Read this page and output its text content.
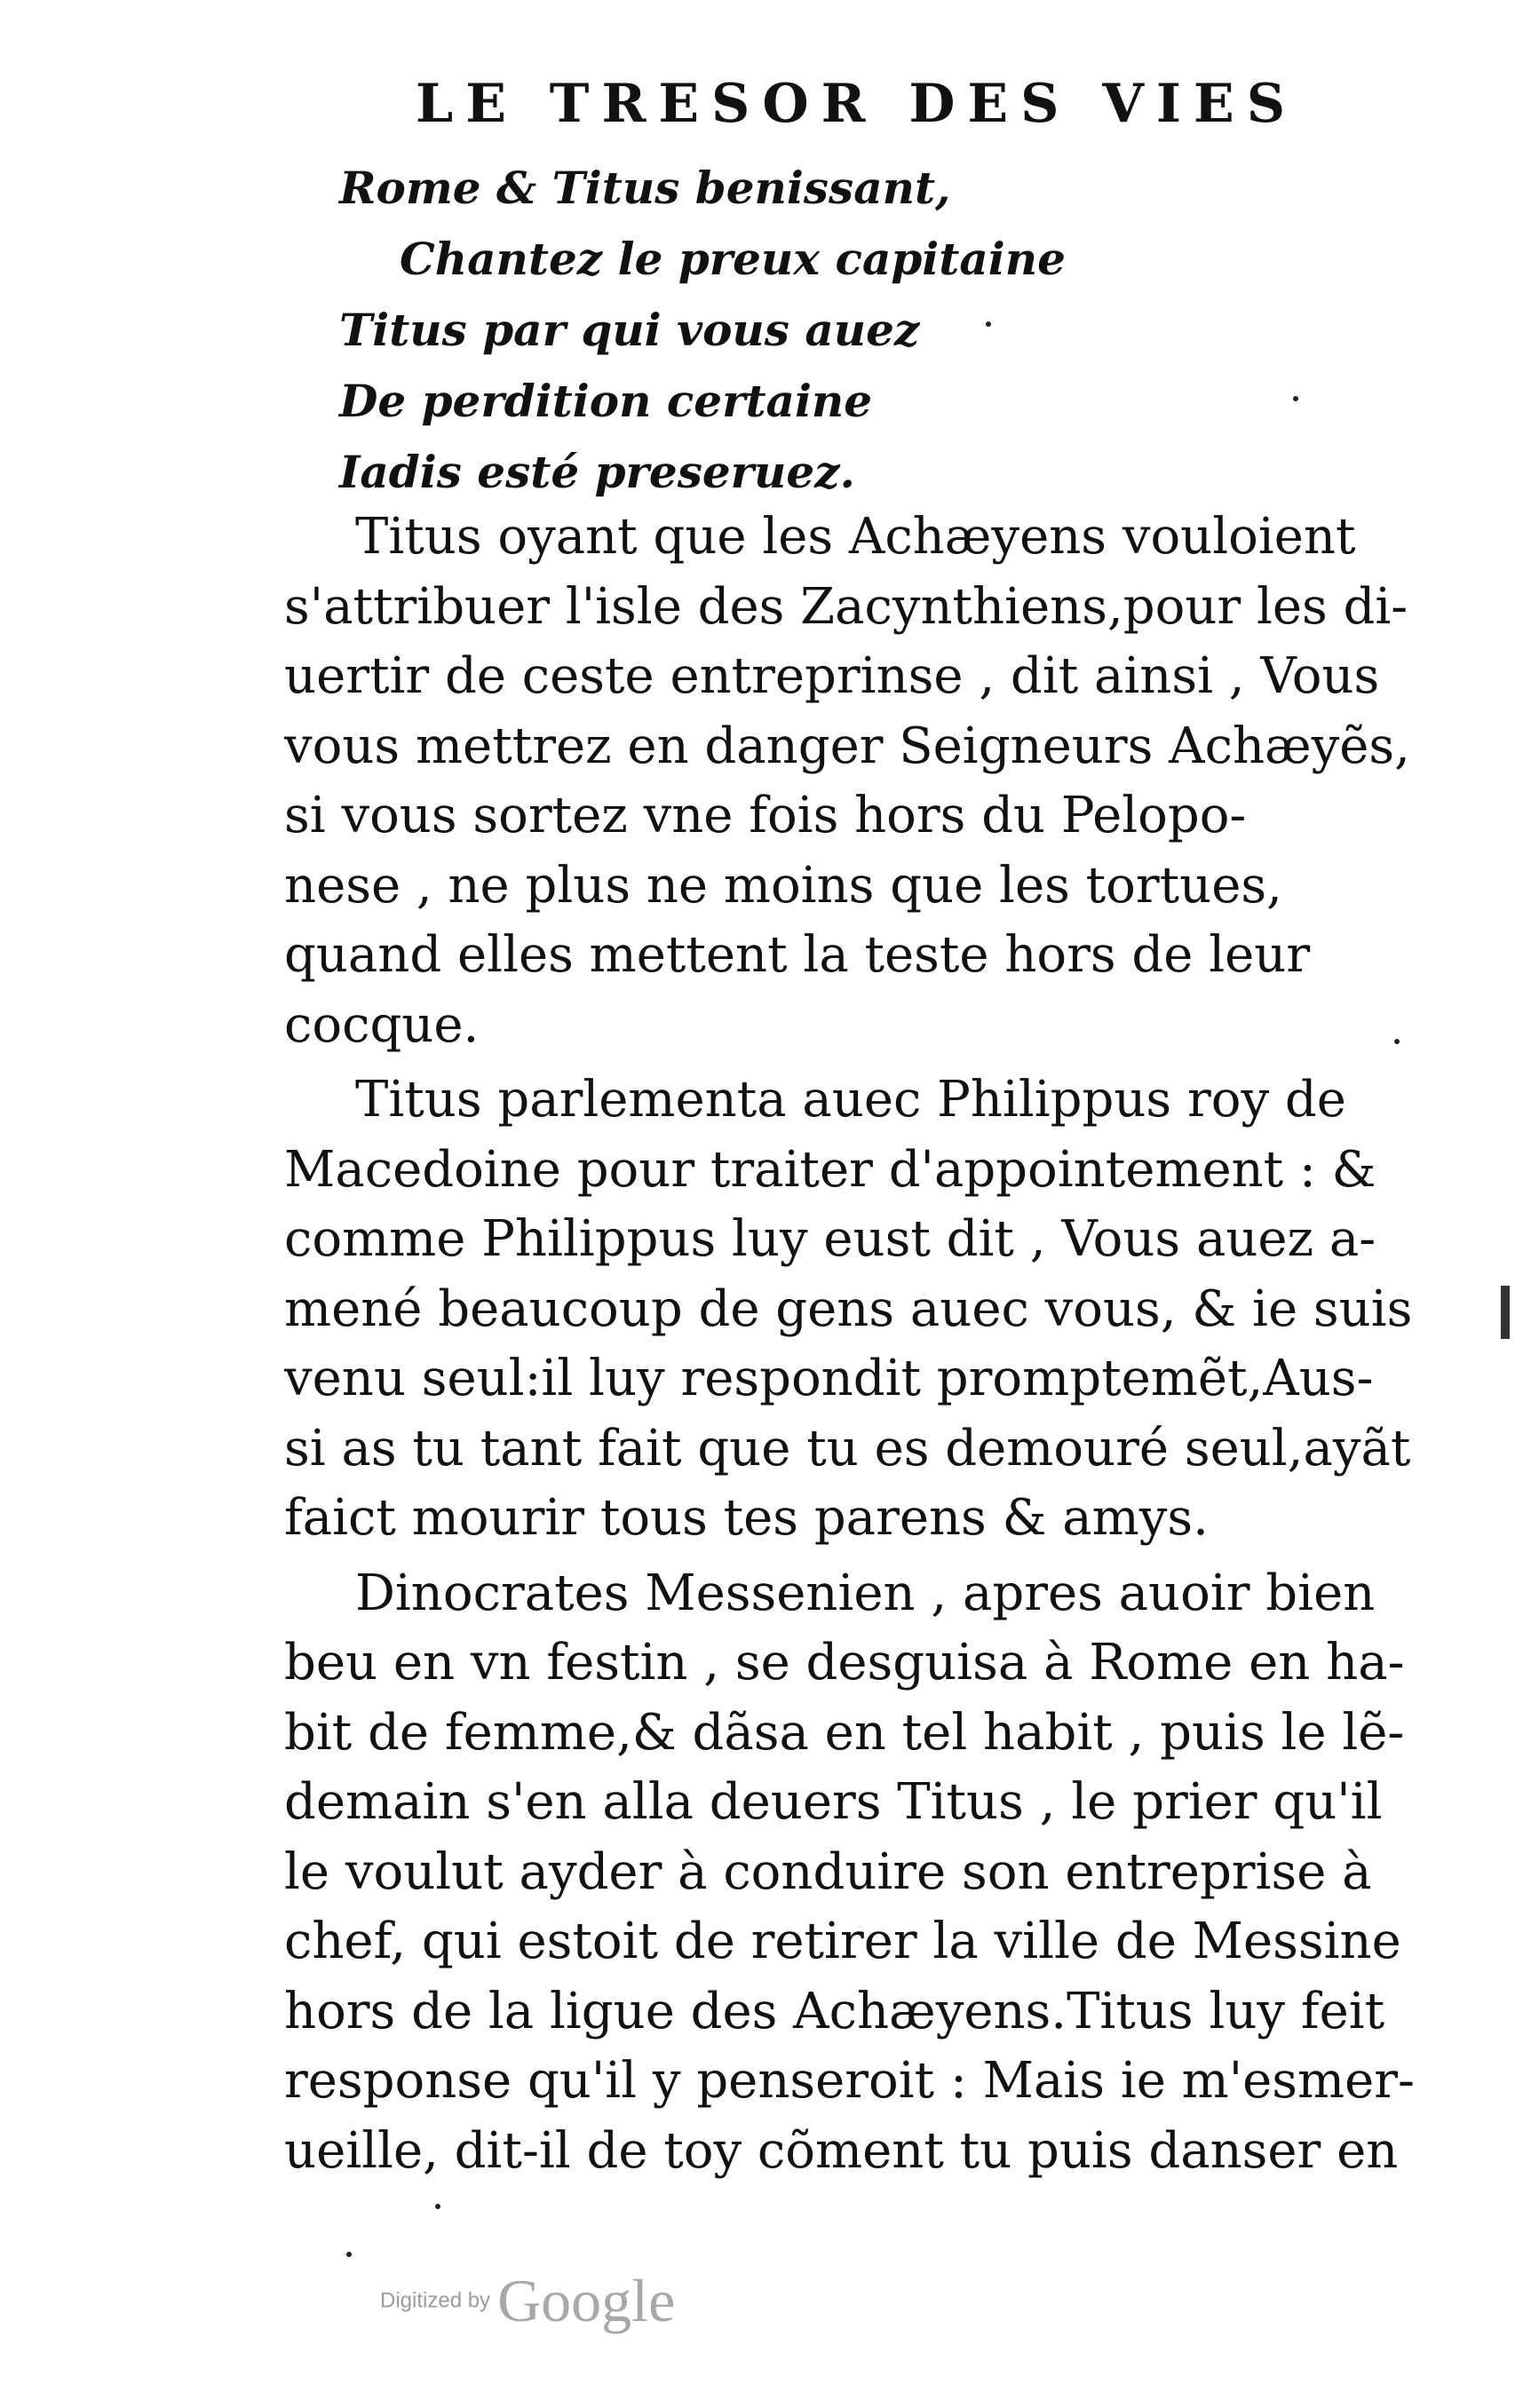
LE TRESOR DES VIES
Rome & Titus benissant,
Chantez le preux capitaine
Titus par qui vous auez
De perdition certaine
Iadis esté preseruez.
Titus oyant que les Achæyens vouloient
s'attribuer l'isle des Zacynthiens,pour les di-
uertir de ceste entreprinse , dit ainsi , Vous
vous mettrez en danger Seigneurs Achæyẽs,
si vous sortez vne fois hors du Pelopo-
nese , ne plus ne moins que les tortues,
quand elles mettent la teste hors de leur
cocque.
Titus parlementa auec Philippus roy de
Macedoine pour traiter d'appointement : &
comme Philippus luy eust dit , Vous auez a-
mené beaucoup de gens auec vous, & ie suis
venu seul:il luy respondit promptemẽt,Aus-
si as tu tant fait que tu es demouré seul,ayãt
faict mourir tous tes parens & amys.
Dinocrates Messenien , apres auoir bien
beu en vn festin , se desguisa à Rome en ha-
bit de femme,& dãsa en tel habit , puis le lẽ-
demain s'en alla deuers Titus , le prier qu'il
le voulut ayder à conduire son entreprise à
chef, qui estoit de retirer la ville de Messine
hors de la ligue des Achæyens.Titus luy feit
response qu'il y penseroit : Mais ie m'esmer-
ueille, dit-il de toy cõment tu puis danser en
Digitized by Google
